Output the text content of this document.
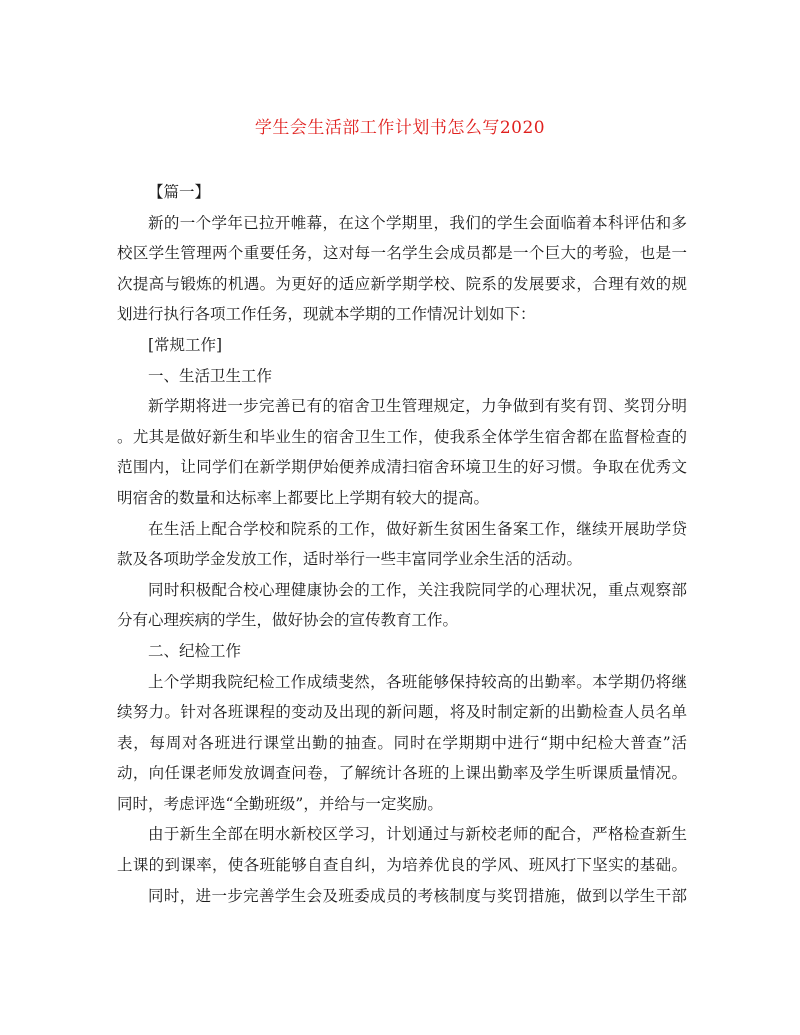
学生会生活部工作计划书怎么写2020
【篇一】
新的一个学年已拉开帷幕，在这个学期里，我们的学生会面临着本科评估和多
校区学生管理两个重要任务，这对每一名学生会成员都是一个巨大的考验，也是一
次提高与锻炼的机遇。为更好的适应新学期学校、院系的发展要求，合理有效的规
划进行执行各项工作任务，现就本学期的工作情况计划如下：
[常规工作]
一、生活卫生工作
新学期将进一步完善已有的宿舍卫生管理规定，力争做到有奖有罚、奖罚分明
。尤其是做好新生和毕业生的宿舍卫生工作，使我系全体学生宿舍都在监督检查的
范围内，让同学们在新学期伊始便养成清扫宿舍环境卫生的好习惯。争取在优秀文
明宿舍的数量和达标率上都要比上学期有较大的提高。
在生活上配合学校和院系的工作，做好新生贫困生备案工作，继续开展助学贷
款及各项助学金发放工作，适时举行一些丰富同学业余生活的活动。
同时积极配合校心理健康协会的工作，关注我院同学的心理状况，重点观察部
分有心理疾病的学生，做好协会的宣传教育工作。
二、纪检工作
上个学期我院纪检工作成绩斐然，各班能够保持较高的出勤率。本学期仍将继
续努力。针对各班课程的变动及出现的新问题，将及时制定新的出勤检查人员名单
表，每周对各班进行课堂出勤的抽查。同时在学期期中进行“期中纪检大普查”活
动，向任课老师发放调查问卷，了解统计各班的上课出勤率及学生听课质量情况。
同时，考虑评选“全勤班级”，并给与一定奖励。
由于新生全部在明水新校区学习，计划通过与新校老师的配合，严格检查新生
上课的到课率，使各班能够自查自纠，为培养优良的学风、班风打下坚实的基础。
同时，进一步完善学生会及班委成员的考核制度与奖罚措施，做到以学生干部
